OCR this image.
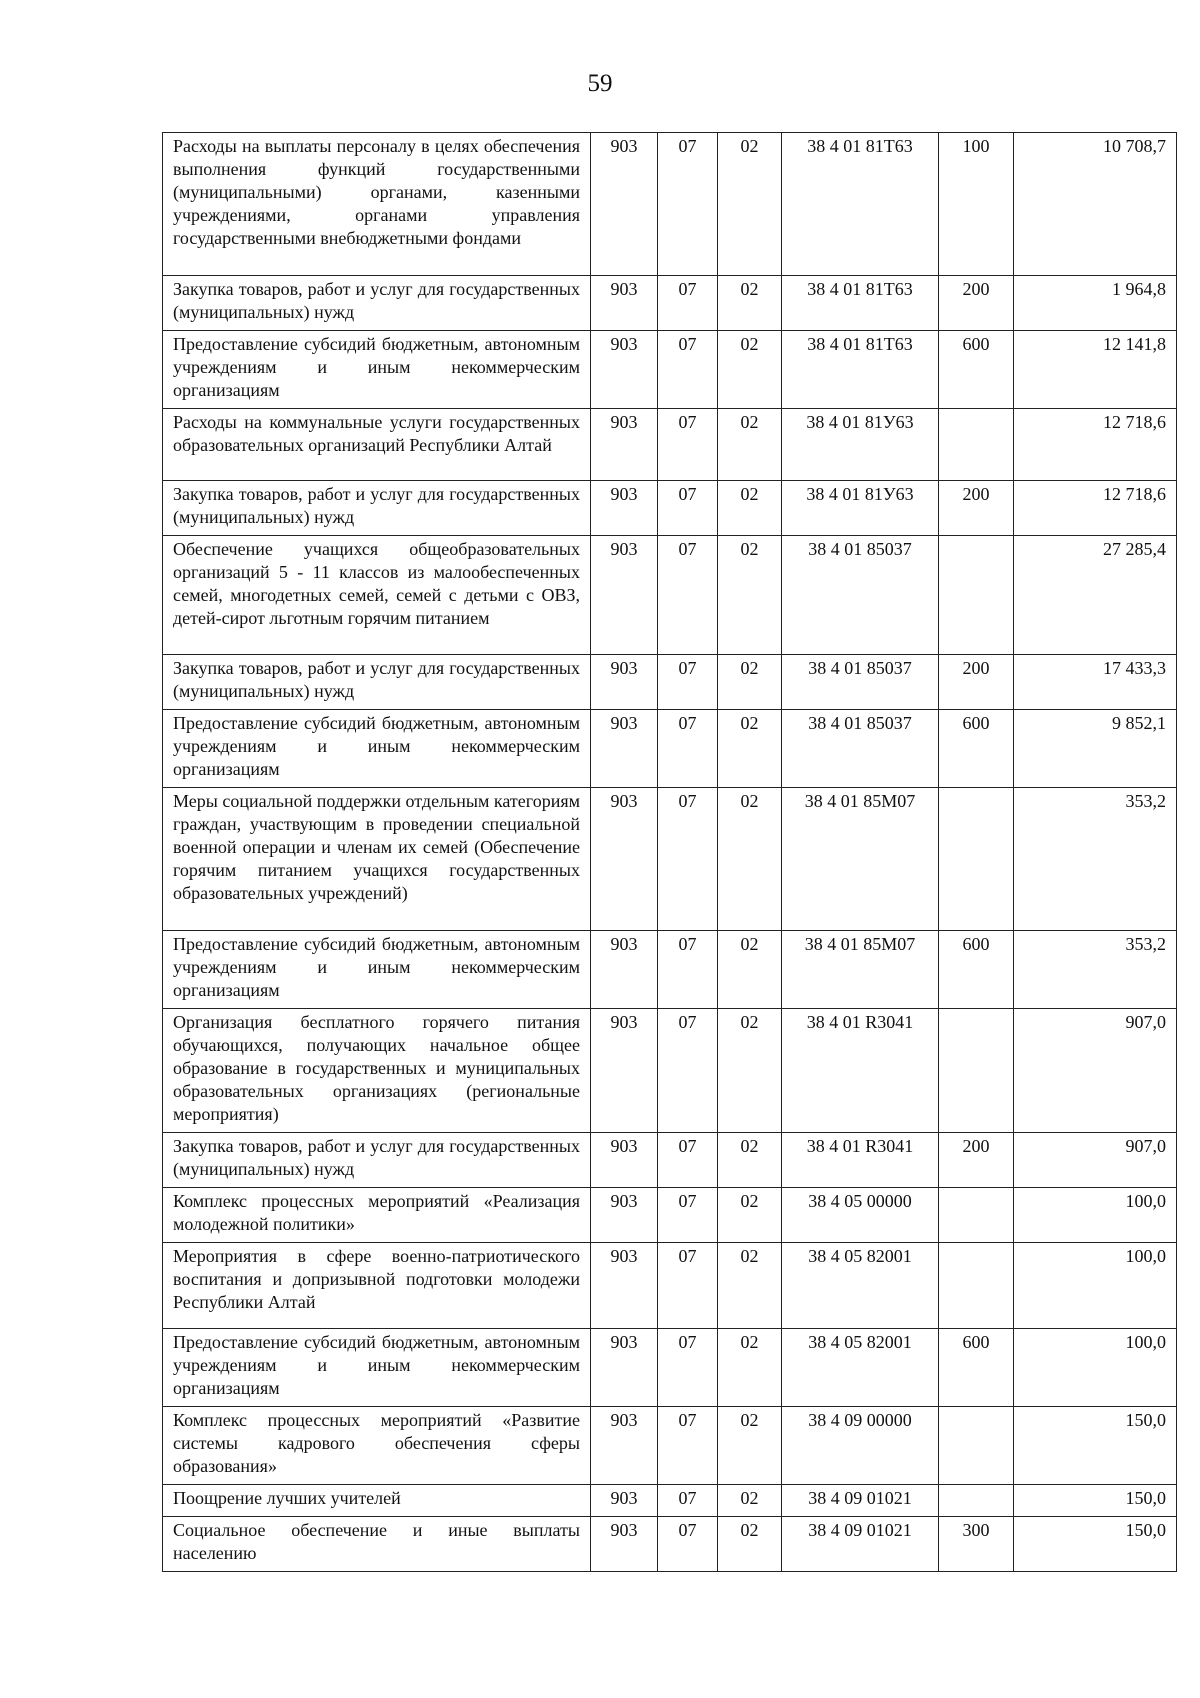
59
Расходы на выплаты персоналу в целях обеспечения выполнения функций государственными (муниципальными) органами, казенными учреждениями, органами управления государственными внебюджетными фондами	903	07	02	38 4 01 81Т63	100	10 708,7
Закупка товаров, работ и услуг для государственных (муниципальных) нужд	903	07	02	38 4 01 81Т63	200	1 964,8
Предоставление субсидий бюджетным, автономным учреждениям и иным некоммерческим организациям	903	07	02	38 4 01 81Т63	600	12 141,8
Расходы на коммунальные услуги государственных образовательных организаций Республики Алтай	903	07	02	38 4 01 81У63		12 718,6
Закупка товаров, работ и услуг для государственных (муниципальных) нужд	903	07	02	38 4 01 81У63	200	12 718,6
Обеспечение учащихся общеобразовательных организаций 5 - 11 классов из малообеспеченных семей, многодетных семей, семей с детьми с ОВЗ, детей-сирот льготным горячим питанием	903	07	02	38 4 01 85037		27 285,4
Закупка товаров, работ и услуг для государственных (муниципальных) нужд	903	07	02	38 4 01 85037	200	17 433,3
Предоставление субсидий бюджетным, автономным учреждениям и иным некоммерческим организациям	903	07	02	38 4 01 85037	600	9 852,1
Меры социальной поддержки отдельным категориям граждан, участвующим в проведении специальной военной операции и членам их семей (Обеспечение горячим питанием учащихся государственных образовательных учреждений)	903	07	02	38 4 01 85М07		353,2
Предоставление субсидий бюджетным, автономным учреждениям и иным некоммерческим организациям	903	07	02	38 4 01 85М07	600	353,2
Организация бесплатного горячего питания обучающихся, получающих начальное общее образование в государственных и муниципальных образовательных организациях (региональные мероприятия)	903	07	02	38 4 01 R3041		907,0
Закупка товаров, работ и услуг для государственных (муниципальных) нужд	903	07	02	38 4 01 R3041	200	907,0
Комплекс процессных мероприятий «Реализация молодежной политики»	903	07	02	38 4 05 00000		100,0
Мероприятия в сфере военно-патриотического воспитания и допризывной подготовки молодежи Республики Алтай	903	07	02	38 4 05 82001		100,0
Предоставление субсидий бюджетным, автономным учреждениям и иным некоммерческим организациям	903	07	02	38 4 05 82001	600	100,0
Комплекс процессных мероприятий «Развитие системы кадрового обеспечения сферы образования»	903	07	02	38 4 09 00000		150,0
Поощрение лучших учителей	903	07	02	38 4 09 01021		150,0
Социальное обеспечение и иные выплаты населению	903	07	02	38 4 09 01021	300	150,0
